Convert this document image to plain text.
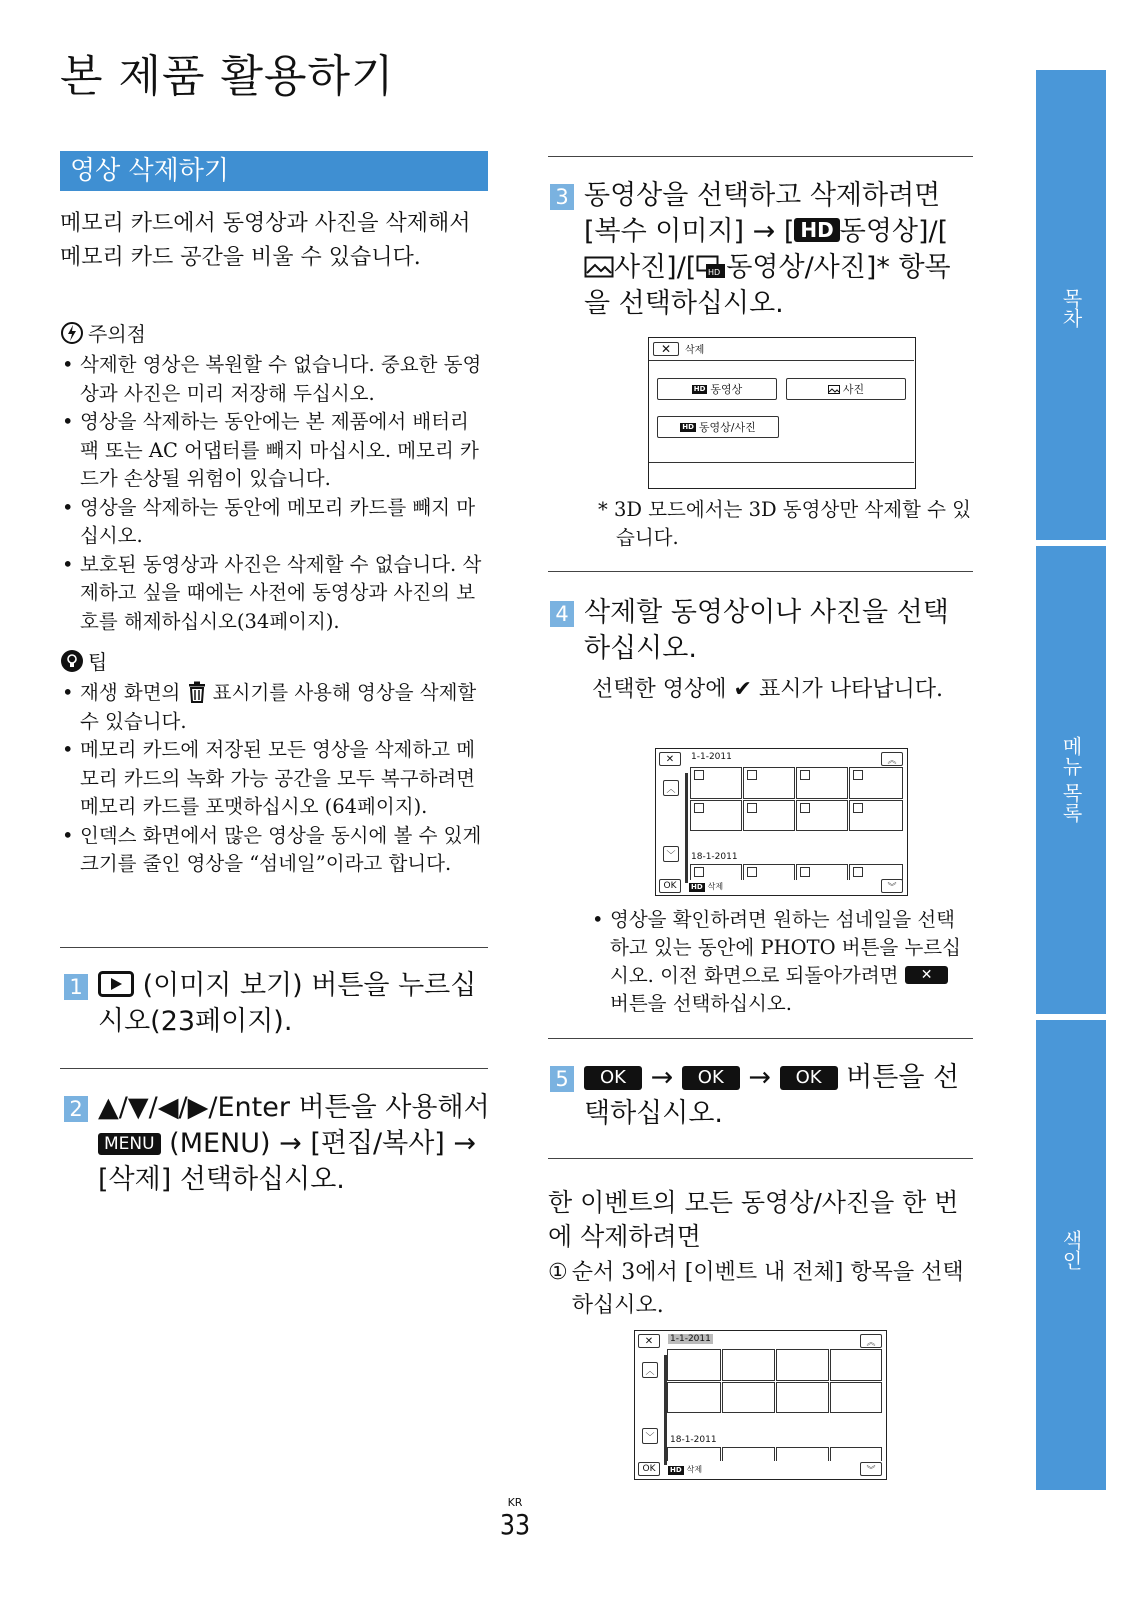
본 제품 활용하기
영상 삭제하기
메모리 카드에서 동영상과 사진을 삭제해서 메모리 카드 공간을 비울 수 있습니다.
주의점
• 삭제한 영상은 복원할 수 없습니다. 중요한 동영상과 사진은 미리 저장해 두십시오.
• 영상을 삭제하는 동안에는 본 제품에서 배터리 팩 또는 AC 어댑터를 빼지 마십시오. 메모리 카드가 손상될 위험이 있습니다.
• 영상을 삭제하는 동안에 메모리 카드를 빼지 마십시오.
• 보호된 동영상과 사진은 삭제할 수 없습니다. 삭제하고 싶을 때에는 사전에 동영상과 사진의 보호를 해제하십시오(34페이지).
팁
• 재생 화면의 표시기를 사용해 영상을 삭제할 수 있습니다.
• 메모리 카드에 저장된 모든 영상을 삭제하고 메모리 카드의 녹화 가능 공간을 모두 복구하려면 메모리 카드를 포맷하십시오 (64페이지).
• 인덱스 화면에서 많은 영상을 동시에 볼 수 있게 크기를 줄인 영상을 “섬네일”이라고 합니다.
1	(이미지 보기) 버튼을 누르십시오(23페이지).
2 ▲/▼/◀/▶/Enter 버튼을 사용해서 MENU (MENU) → [편집/복사] → [삭제] 선택하십시오.
3 동영상을 선택하고 삭제하려면 [복수 이미지] → [ HD 동영상]/[사진]/[ HD 동영상/사진]* 항목을 선택하십시오.
✕	삭제
HD 동영상	사진
HD 동영상/사진
* 3D 모드에서는 3D 동영상만 삭제할 수 있습니다.
4 삭제할 동영상이나 사진을 선택하십시오.
선택한 영상에 ✔ 표시가 나타납니다.
✕	1-1-2011	︽
︿
﹀	18-1-2011
OK	HD 삭제	︾
• 영상을 확인하려면 원하는 섬네일을 선택하고 있는 동안에 PHOTO 버튼을 누르십시오. 이전 화면으로 되돌아가려면 ✕ 버튼을 선택하십시오.
5	OK → OK → OK 버튼을 선택하십시오.
한 이벤트의 모든 동영상/사진을 한 번에 삭제하려면
① 순서 3에서 [이벤트 내 전체] 항목을 선택하십시오.
✕	1-1-2011	︽
︿
﹀	18-1-2011
OK	HD 삭제	︾
KR
33
목차
메뉴 목록
색인
